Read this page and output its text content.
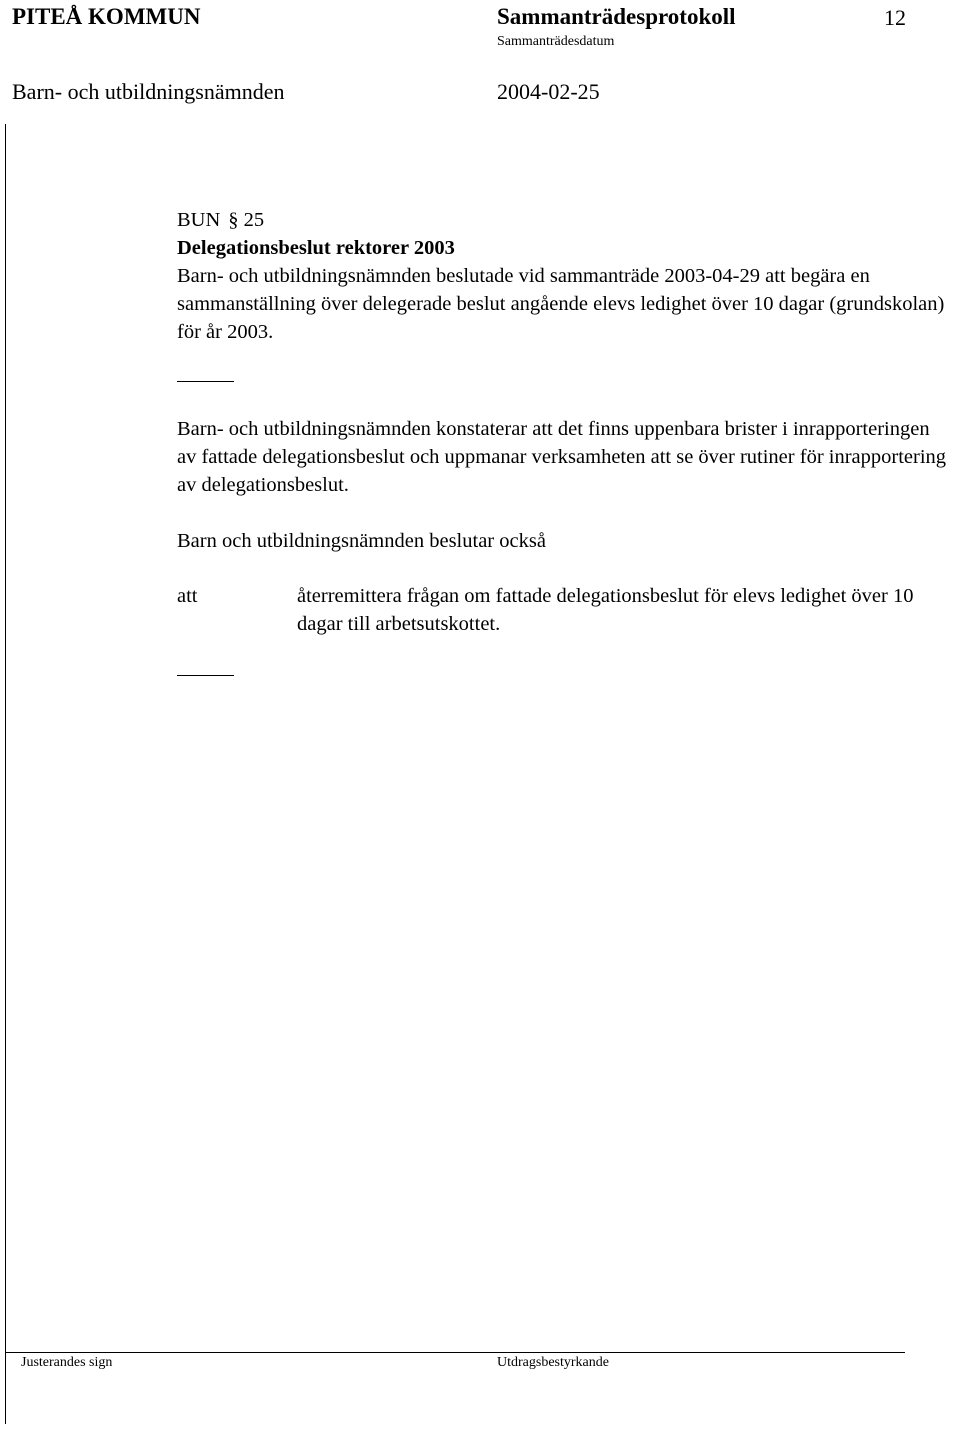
PITEÅ KOMMUN	Sammanträdesprotokoll	12
Sammanträdesdatum
Barn- och utbildningsnämnden	2004-02-25

BUN § 25

Delegationsbeslut rektorer 2003

Barn- och utbildningsnämnden beslutade vid sammanträde 2003-04-29 att begära en sammanställning över delegerade beslut angående elevs ledighet över 10 dagar (grundskolan) för år 2003.

Barn- och utbildningsnämnden konstaterar att det finns uppenbara brister i inrapporteringen av fattade delegationsbeslut och uppmanar verksamheten att se över rutiner för inrapportering av delegationsbeslut.

Barn och utbildningsnämnden beslutar också

att	återremittera frågan om fattade delegationsbeslut för elevs ledighet över 10 dagar till arbetsutskottet.
Justerandes sign	Utdragsbestyrkande
